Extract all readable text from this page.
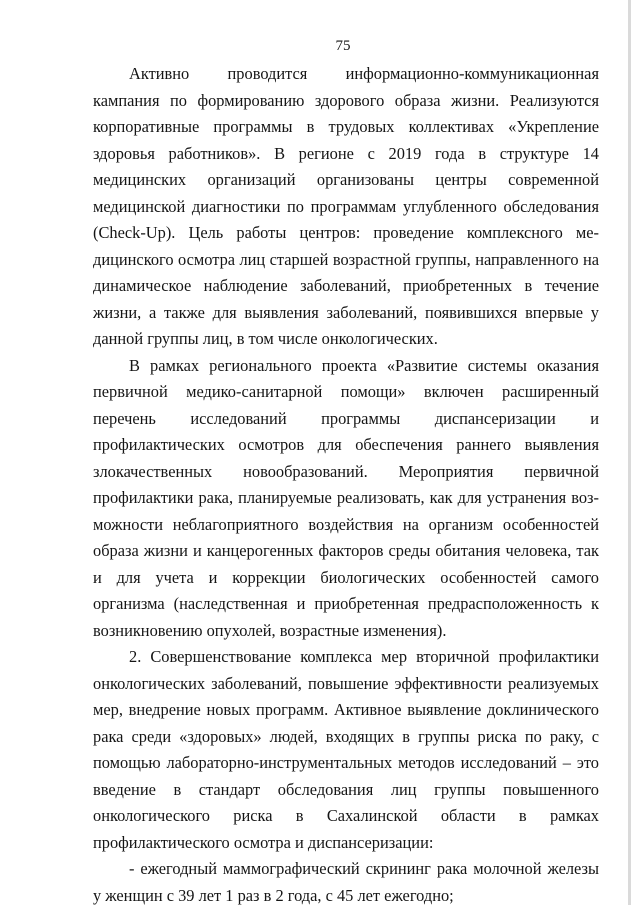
75

Активно проводится информационно-коммуникационная кампания по формированию здорового образа жизни. Реализуются корпоративные программы в трудовых коллективах «Укрепление здоровья работников». В регионе с 2019 года в структуре 14 медицинских организаций организованы центры современной медицинской диагностики по программам углубленного обследования (Check-Up). Цель работы центров: проведение комплексного медицинского осмотра лиц старшей возрастной группы, направленного на динамическое наблюдение заболеваний, приобретенных в течение жизни, а также для выявления заболеваний, появившихся впервые у данной группы лиц, в том числе онкологических.

В рамках регионального проекта «Развитие системы оказания первичной медико-санитарной помощи» включен расширенный перечень исследований программы диспансеризации и профилактических осмотров для обеспечения раннего выявления злокачественных новообразований. Мероприятия первичной профилактики рака, планируемые реализовать, как для устранения возможности неблагоприятного воздействия на организм особенностей образа жизни и канцерогенных факторов среды обитания человека, так и для учета и коррекции биологических особенностей самого организма (наследственная и приобретенная предрасположенность к возникновению опухолей, возрастные изменения).

2. Совершенствование комплекса мер вторичной профилактики онкологических заболеваний, повышение эффективности реализуемых мер, внедрение новых программ. Активное выявление доклинического рака среди «здоровых» людей, входящих в группы риска по раку, с помощью лабораторно-инструментальных методов исследований – это введение в стандарт обследования лиц группы повышенного онкологического риска в Сахалинской области в рамках профилактического осмотра и диспансеризации:

- ежегодный маммографический скрининг рака молочной железы у женщин с 39 лет 1 раз в 2 года, с 45 лет ежегодно;
